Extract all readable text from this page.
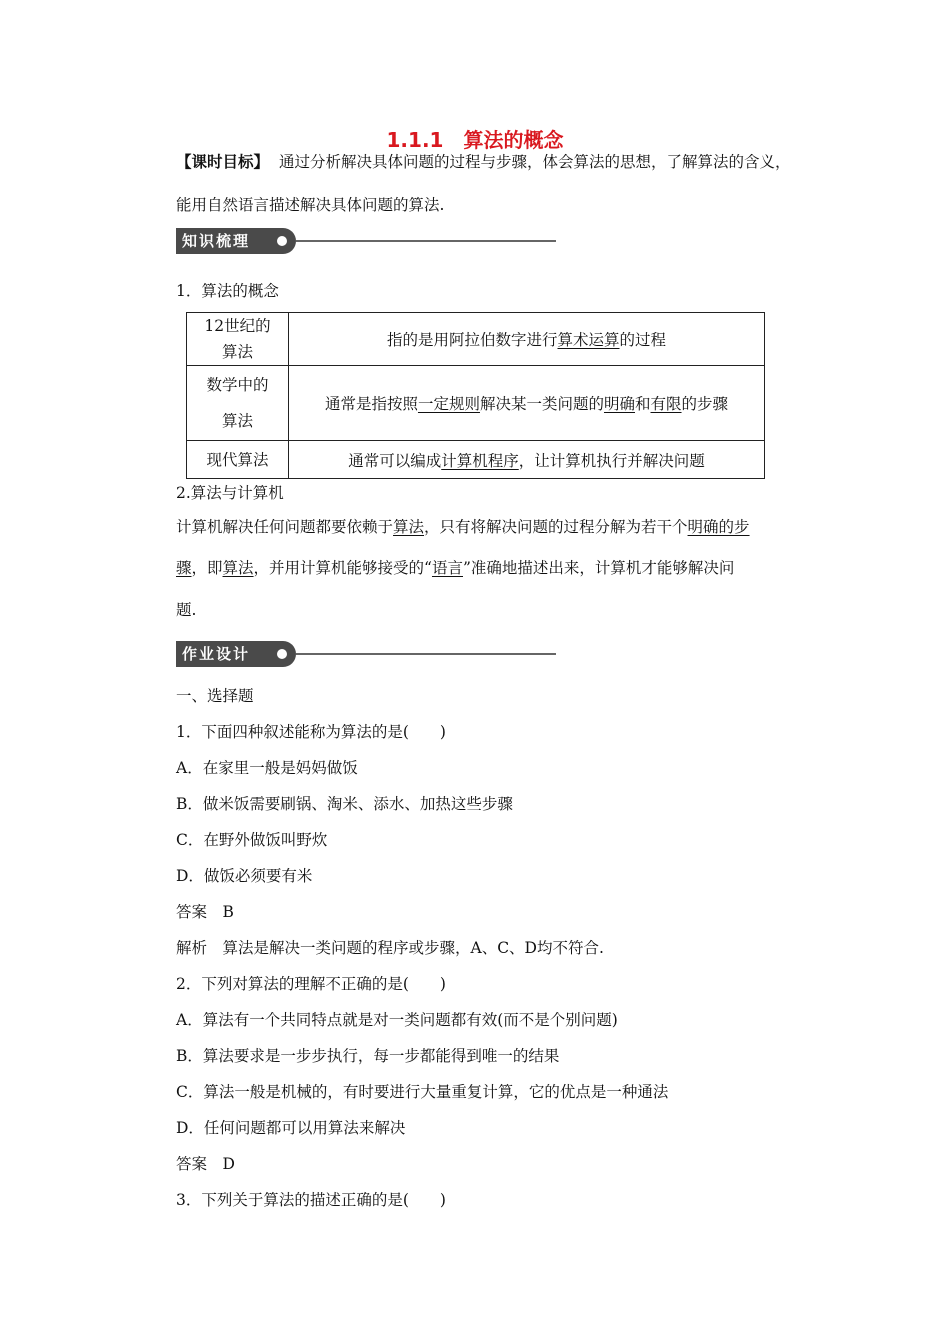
1.1.1　算法的概念
【课时目标】 通过分析解决具体问题的过程与步骤，体会算法的思想，了解算法的含义，
能用自然语言描述解决具体问题的算法.
知识梳理
1．算法的概念
12世纪的
算法	指的是用阿拉伯数字进行算术运算的过程
数学中的
算法	通常是指按照一定规则解决某一类问题的明确和有限的步骤
现代算法	通常可以编成计算机程序，让计算机执行并解决问题
2.算法与计算机
计算机解决任何问题都要依赖于算法，只有将解决问题的过程分解为若干个明确的步
骤，即算法，并用计算机能够接受的“语言”准确地描述出来，计算机才能够解决问
题.
作业设计
一、选择题
1．下面四种叙述能称为算法的是(　　)
A．在家里一般是妈妈做饭
B．做米饭需要刷锅、淘米、添水、加热这些步骤
C．在野外做饭叫野炊
D．做饭必须要有米
答案　B
解析　算法是解决一类问题的程序或步骤，A、C、D均不符合.
2．下列对算法的理解不正确的是(　　)
A．算法有一个共同特点就是对一类问题都有效(而不是个别问题)
B．算法要求是一步步执行，每一步都能得到唯一的结果
C．算法一般是机械的，有时要进行大量重复计算，它的优点是一种通法
D．任何问题都可以用算法来解决
答案　D
3．下列关于算法的描述正确的是(　　)
